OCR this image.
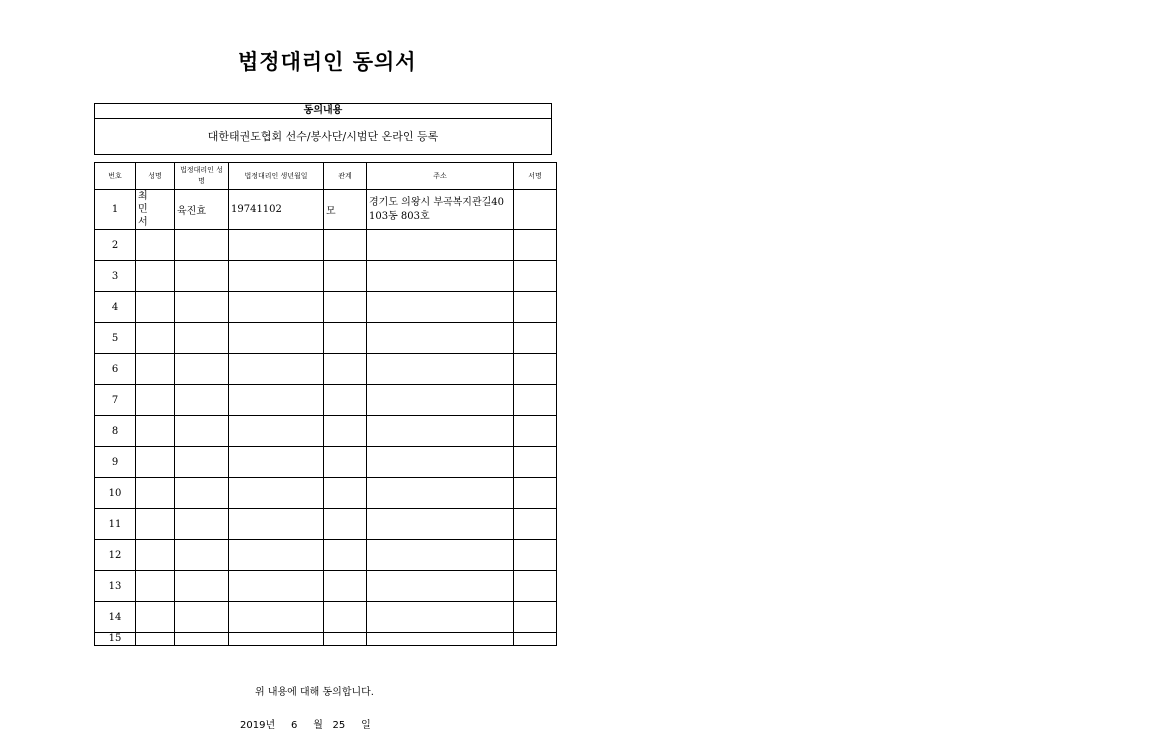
법정대리인 동의서
동의내용
대한태권도협회 선수/봉사단/시범단 온라인 등록
번호	성명	법정대리인 성명	법정대리인 생년월일	관계	주소	서명
1	최 민 서	육진효	19741102	모	경기도 의왕시 부곡복지관길40 103동 803호	
2						
3						
4						
5						
6						
7						
8						
9						
10						
11						
12						
13						
14						
15						
위 내용에 대해 동의합니다.
2019년     6     월   25     일
